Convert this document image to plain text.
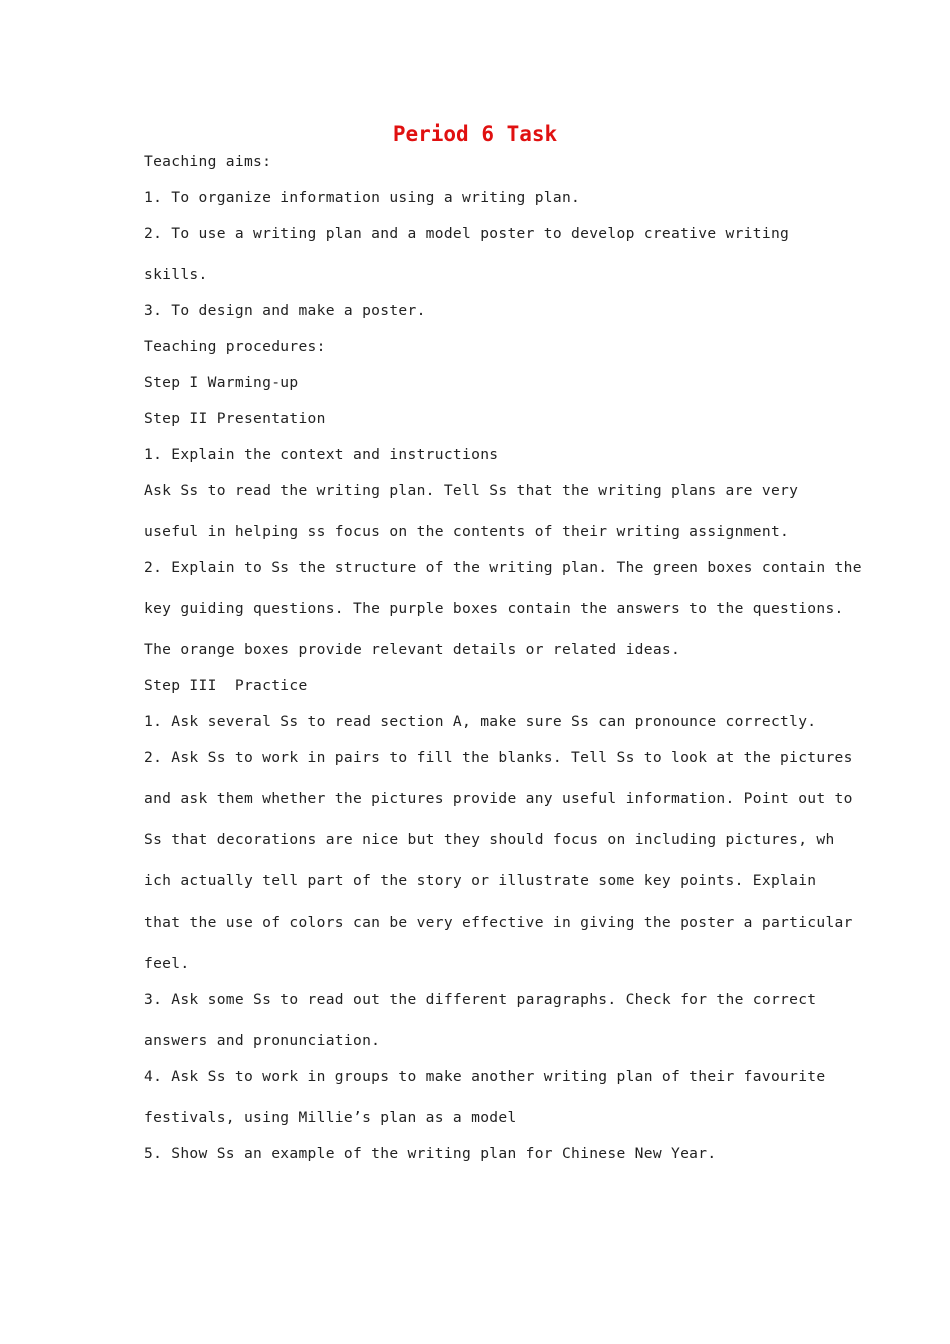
Period 6 Task

Teaching aims:

1. To organize information using a writing plan.

2. To use a writing plan and a model poster to develop creative writing

skills.

3. To design and make a poster.

Teaching procedures:

Step I Warming-up

Step II Presentation

1. Explain the context and instructions

Ask Ss to read the writing plan. Tell Ss that the writing plans are very

useful in helping ss focus on the contents of their writing assignment.

2. Explain to Ss the structure of the writing plan. The green boxes contain the

key guiding questions. The purple boxes contain the answers to the questions.

The orange boxes provide relevant details or related ideas.

Step III  Practice

1. Ask several Ss to read section A, make sure Ss can pronounce correctly.

2. Ask Ss to work in pairs to fill the blanks. Tell Ss to look at the pictures

and ask them whether the pictures provide any useful information. Point out to

Ss that decorations are nice but they should focus on including pictures, wh

ich actually tell part of the story or illustrate some key points. Explain

that the use of colors can be very effective in giving the poster a particular

feel.

3. Ask some Ss to read out the different paragraphs. Check for the correct

answers and pronunciation.

4. Ask Ss to work in groups to make another writing plan of their favourite

festivals, using Millie’s plan as a model

5. Show Ss an example of the writing plan for Chinese New Year.
